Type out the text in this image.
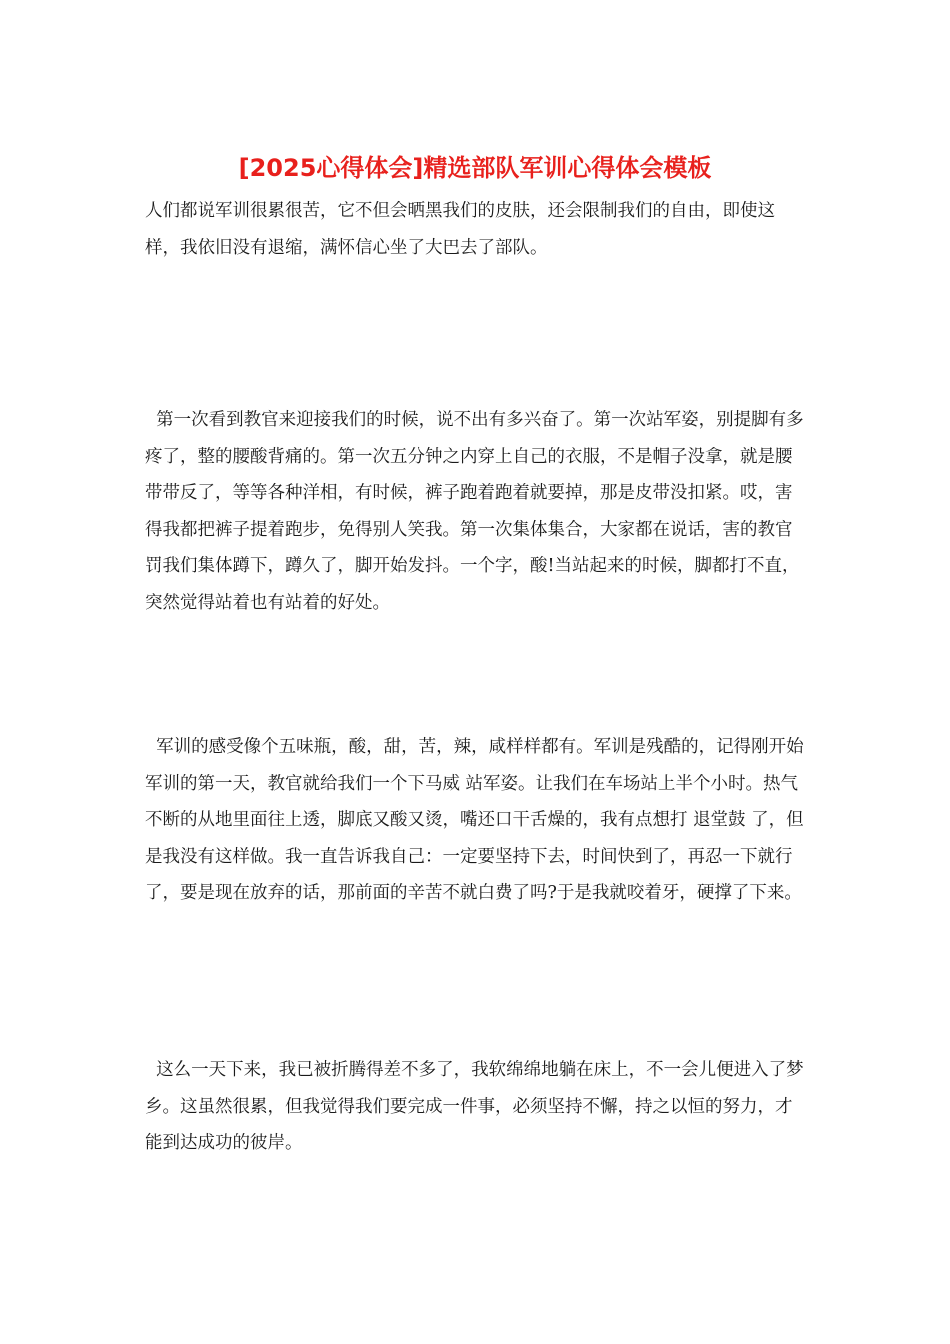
[2025心得体会]精选部队军训心得体会模板

人们都说军训很累很苦，它不但会晒黑我们的皮肤，还会限制我们的自由，即使这样，我依旧没有退缩，满怀信心坐了大巴去了部队。

第一次看到教官来迎接我们的时候，说不出有多兴奋了。第一次站军姿，别提脚有多疼了，整的腰酸背痛的。第一次五分钟之内穿上自己的衣服，不是帽子没拿，就是腰带带反了，等等各种洋相，有时候，裤子跑着跑着就要掉，那是皮带没扣紧。哎，害得我都把裤子提着跑步，免得别人笑我。第一次集体集合，大家都在说话，害的教官罚我们集体蹲下，蹲久了，脚开始发抖。一个字，酸!当站起来的时候，脚都打不直，突然觉得站着也有站着的好处。

军训的感受像个五味瓶，酸，甜，苦，辣，咸样样都有。军训是残酷的，记得刚开始军训的第一天，教官就给我们一个下马威 站军姿。让我们在车场站上半个小时。热气不断的从地里面往上透，脚底又酸又烫，嘴还口干舌燥的，我有点想打 退堂鼓 了，但是我没有这样做。我一直告诉我自己：一定要坚持下去，时间快到了，再忍一下就行了，要是现在放弃的话，那前面的辛苦不就白费了吗?于是我就咬着牙，硬撑了下来。

这么一天下来，我已被折腾得差不多了，我软绵绵地躺在床上，不一会儿便进入了梦乡。这虽然很累，但我觉得我们要完成一件事，必须坚持不懈，持之以恒的努力，才能到达成功的彼岸。
